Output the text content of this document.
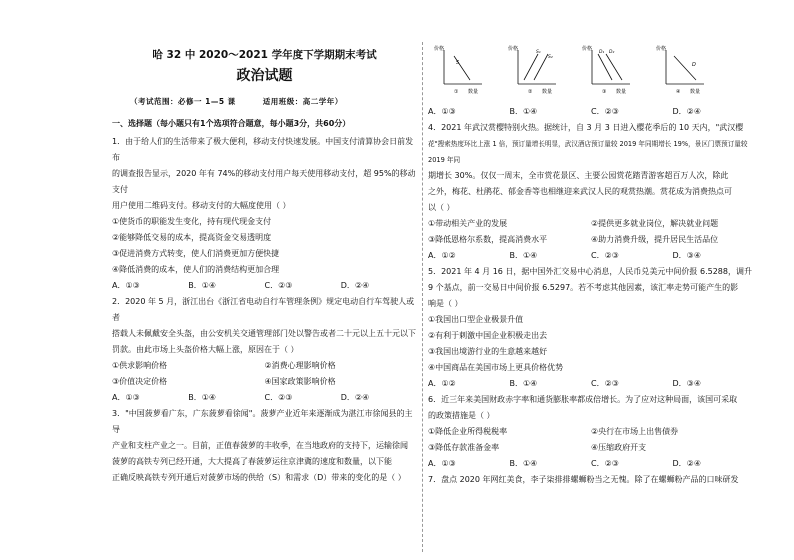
哈 32 中 2020～2021 学年度下学期期末考试
政治试题
（考试范围：必修一 1—5 课	适用班级：高二学年）

一、选择题（每小题只有1个选项符合题意，每小题3分，共60分）

1．由于给人们的生活带来了极大便利，移动支付快速发展。中国支付清算协会日前发布

的调查报告显示，2020 年有 74%的移动支付用户每天使用移动支付，超 95%的移动支付

用户使用二维码支付。移动支付的大幅度使用（ ）

①使货币的职能发生变化，持有现代现金支付

②能够降低交易的成本，提高资金交易透明度

③促进消费方式转变，使人们消费更加方便快捷

④降低消费的成本，使人们的消费结构更加合理

A．①③	B．①④	C．②③	D．②④

2．2020 年 5 月，浙江出台《浙江省电动自行车管理条例》规定电动自行车驾驶人或者

搭载人未佩戴安全头盔，由公安机关交通管理部门处以警告或者二十元以上五十元以下

罚款。由此市场上头盔价格大幅上涨，原因在于（ ）

①供求影响价格	②消费心理影响价格

③价值决定价格	④国家政策影响价格

A．①③	B．①④	C．②③	D．②④

3．"中国菠萝看广东，广东菠萝看徐闻"。菠萝产业近年来逐渐成为湛江市徐闻县的主导

产业和支柱产业之一。目前，正值春菠萝的丰收季，在当地政府的支持下，运输徐闻

菠萝的高铁专列已经开通，大大提高了春菠萝运往京津冀的速度和数量，以下能

正确反映高铁专列开通后对菠萝市场的供给（S）和需求（D）带来的变化的是（ ）

价格
① 数量
S
价格
② 数量
S₁
S₂
价格
③ 数量
D₁ D₂
价格
④ 数量
D
A．①③	B．①④	C．②③	D．②④

4．2021 年武汉赏樱特别火热。据统计，自 3 月 3 日进入樱花季后的 10 天内，"武汉樱

花"搜索热度环比上涨 1 倍，预订量增长明显，武汉酒店预订量较 2019 年同期增长 19%，景区门票预订量较 2019 年同

期增长 30%。仅仅一周末，全市赏花景区、主要公园赏花踏青游客超百万人次，除此

之外，梅花、杜鹃花、郁金香等也相继迎来武汉人民的观赏热潮。赏花成为消费热点可

以（ ）

①带动相关产业的发展	②提供更多就业岗位，解决就业问题

③降低恩格尔系数，提高消费水平	④助力消费升级，提升居民生活品位

A．①②	B．①④	C．②③	D．③④

5．2021 年 4 月 16 日，据中国外汇交易中心消息，人民币兑美元中间价报 6.5288，调升

9 个基点，前一交易日中间价报 6.5297。若不考虑其他因素，该汇率走势可能产生的影

响是（ ）

①我国出口型企业极景升值

②有利于刺激中国企业积极走出去

③我国出境游行业的生意越来越好

④中国商品在美国市场上更具价格优势

A．①②	B．①④	C．②③	D．③④

6．近三年来美国财政赤字率和通货膨胀率都成倍增长。为了应对这种局面，该国可采取

的政策措施是（ ）

①降低企业所得税税率	②央行在市场上出售债券

③降低存款准备金率	④压缩政府开支

A．①③	B．①④	C．②③	D．②④

7．盘点 2020 年网红美食，李子柒排排螺蛳粉当之无愧。除了在螺蛳粉产品的口味研发
